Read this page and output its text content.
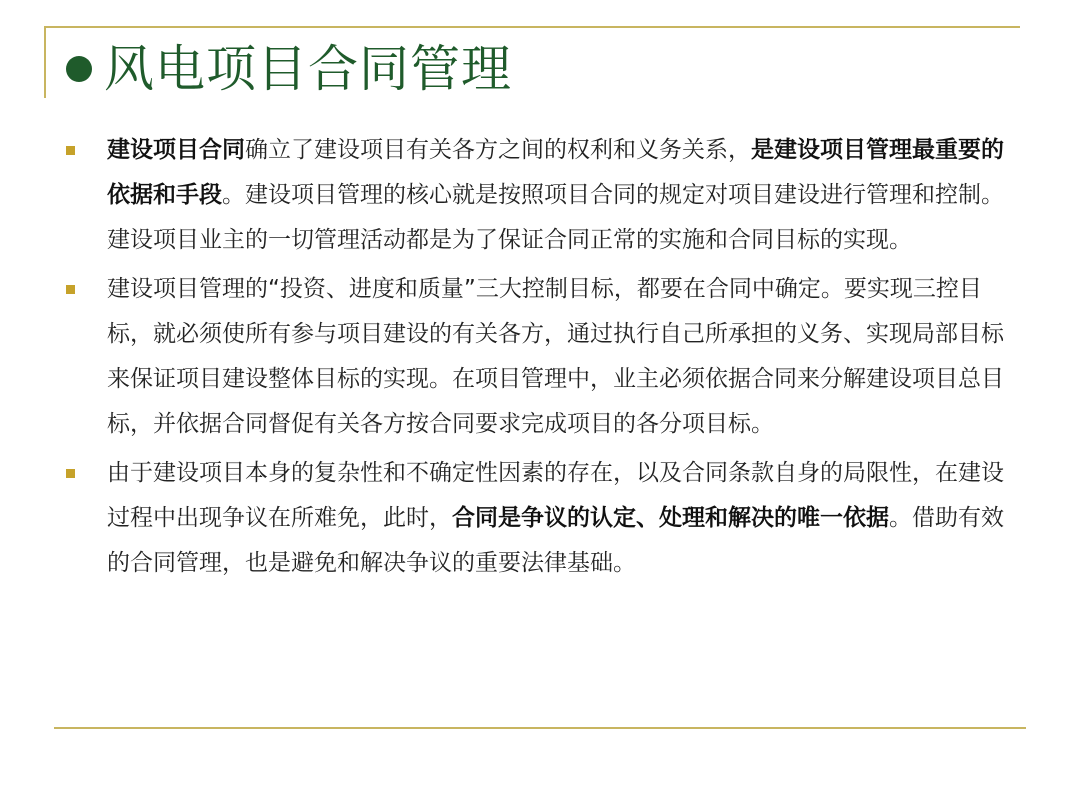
风电项目合同管理
建设项目合同确立了建设项目有关各方之间的权利和义务关系，是建设项目管理最重要的依据和手段。建设项目管理的核心就是按照项目合同的规定对项目建设进行管理和控制。建设项目业主的一切管理活动都是为了保证合同正常的实施和合同目标的实现。
建设项目管理的“投资、进度和质量”三大控制目标，都要在合同中确定。要实现三控目标，就必须使所有参与项目建设的有关各方，通过执行自己所承担的义务、实现局部目标来保证项目建设整体目标的实现。在项目管理中，业主必须依据合同来分解建设项目总目标，并依据合同督促有关各方按合同要求完成项目的各分项目标。
由于建设项目本身的复杂性和不确定性因素的存在，以及合同条款自身的局限性，在建设过程中出现争议在所难免，此时，合同是争议的认定、处理和解决的唯一依据。借助有效的合同管理，也是避免和解决争议的重要法律基础。
